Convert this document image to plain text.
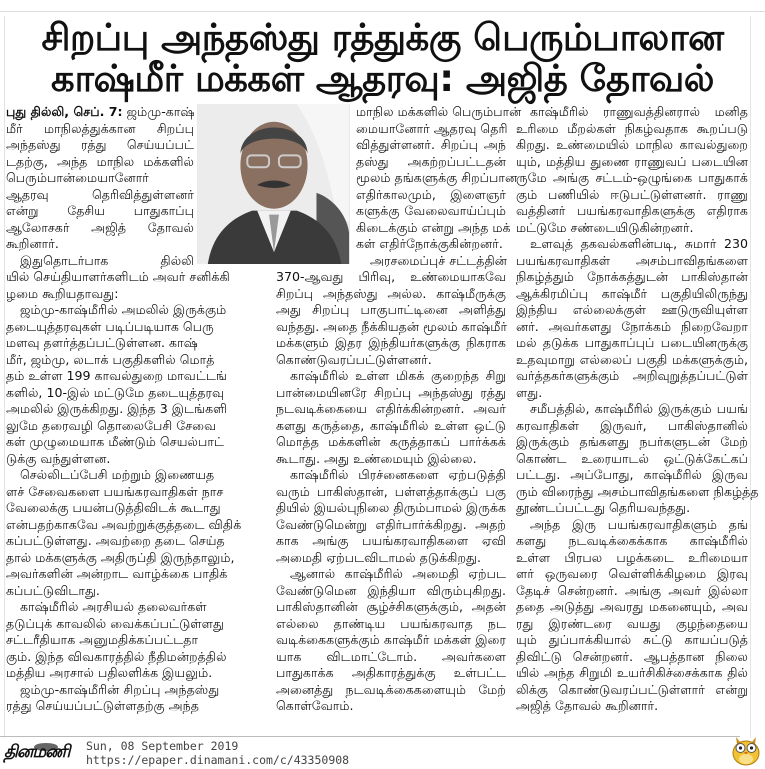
சிறப்பு அந்தஸ்து ரத்துக்கு பெரும்பாலான
காஷ்மீர் மக்கள் ஆதரவு: அஜித் தோவல்
புது தில்லி, செப். 7: ஜம்மு-காஷ்
மீர் மாநிலத்துக்கான சிறப்பு
அந்தஸ்து ரத்து செய்யப்பட்
டதற்கு, அந்த மாநில மக்களில்
பெரும்பான்மையானோர்
ஆதரவு தெரிவித்துள்ளனர்
என்று தேசிய பாதுகாப்பு
ஆலோசகர் அஜித் தோவல்
கூறினார்.
இதுதொடர்பாக தில்லி
யில் செய்தியாளர்களிடம் அவர் சனிக்கி
ழமை கூறியதாவது:
ஜம்மு-காஷ்மீரில் அமலில் இருக்கும்
தடையுத்தரவுகள் படிப்படியாக பெரு
மளவு தளர்த்தப்பட்டுள்ளன. காஷ்
மீர், ஜம்மு, லடாக் பகுதிகளில் மொத்
தம் உள்ள 199 காவல்துறை மாவட்டங்
களில், 10-இல் மட்டுமே தடையுத்தரவு
அமலில் இருக்கிறது. இந்த 3 இடங்களி
லுமே தரைவழி தொலைபேசி சேவை
கள் முழுமையாக மீண்டும் செயல்பாட்
டுக்கு வந்துள்ளன.
செல்லிடப்பேசி மற்றும் இணையத
ளச் சேவைகளை பயங்கரவாதிகள் நாச
வேலைக்கு பயன்படுத்திவிடக் கூடாது
என்பதற்காகவே அவற்றுக்குத்தடை விதிக்
கப்பட்டுள்ளது. அவற்றை தடை செய்த
தால் மக்களுக்கு அதிருப்தி இருந்தாலும்,
அவர்களின் அன்றாட வாழ்க்கை பாதிக்
கப்பட்டுவிடாது.
காஷ்மீரில் அரசியல் தலைவர்கள்
தடுப்புக் காவலில் வைக்கப்பட்டுள்ளது
சட்டரீதியாக அனுமதிக்கப்பட்டதா
கும். இந்த விவகாரத்தில் நீதிமன்றத்தில்
மத்திய அரசால் பதிலளிக்க இயலும்.
ஜம்மு-காஷ்மீரின் சிறப்பு அந்தஸ்து
ரத்து செய்யப்பட்டுள்ளதற்கு அந்த
மாநில மக்களில் பெரும்பான்
மையானோர் ஆதரவு தெரி
வித்துள்ளனர். சிறப்பு அந்
தஸ்து அகற்றப்பட்டதன்
மூலம் தங்களுக்கு சிறப்பான
எதிர்காலமும், இளைஞர்
களுக்கு வேலைவாய்ப்பும்
கிடைக்கும் என்று அந்த மக்
கள் எதிர்நோக்குகின்றனர்.
அரசமைப்புச் சட்டத்தின்
370-ஆவது பிரிவு, உண்மையாகவே
சிறப்பு அந்தஸ்து அல்ல. காஷ்மீருக்கு
அது சிறப்பு பாகுபாட்டினை அளித்து
வந்தது. அதை நீக்கியதன் மூலம் காஷ்மீர்
மக்களும் இதர இந்தியர்களுக்கு நிகராக
கொண்டுவரப்பட்டுள்ளனர்.
காஷ்மீரில் உள்ள மிகக் குறைந்த சிறு
பான்மையினரே சிறப்பு அந்தஸ்து ரத்து
நடவடிக்கையை எதிர்க்கின்றனர். அவர்
களது கருத்தை, காஷ்மீரில் உள்ள ஒட்டு
மொத்த மக்களின் கருத்தாகப் பார்க்கக்
கூடாது. அது உண்மையும் இல்லை.
காஷ்மீரில் பிரச்னைகளை ஏற்படுத்தி
வரும் பாகிஸ்தான், பள்ளத்தாக்குப் பகு
தியில் இயல்புநிலை திரும்பாமல் இருக்க
வேண்டுமென்று எதிர்பார்க்கிறது. அதற்
காக அங்கு பயங்கரவாதிகளை ஏவி
அமைதி ஏற்படவிடாமல் தடுக்கிறது.
ஆனால் காஷ்மீரில் அமைதி ஏற்பட
வேண்டுமென இந்தியா விரும்புகிறது.
பாகிஸ்தானின் சூழ்ச்சிகளுக்கும், அதன்
எல்லை தாண்டிய பயங்கரவாத நட
வடிக்கைகளுக்கும் காஷ்மீர் மக்கள் இரை
யாக விடமாட்டோம். அவர்களை
பாதுகாக்க அதிகாரத்துக்கு உள்பட்ட
அனைத்து நடவடிக்கைகளையும் மேற்
கொள்வோம்.
காஷ்மீரில் ராணுவத்தினரால் மனித
உரிமை மீறல்கள் நிகழ்வதாக கூறப்படு
கிறது. உண்மையில் மாநில காவல்துறை
யும், மத்திய துணை ராணுவப் படையின
ருமே அங்கு சட்டம்-ஒழுங்கை பாதுகாக்
கும் பணியில் ஈடுபட்டுள்ளனர். ராணு
வத்தினர் பயங்கரவாதிகளுக்கு எதிராக
மட்டுமே சண்டையிடுகின்றனர்.
உளவுத் தகவல்களின்படி, சுமார் 230
பயங்கரவாதிகள் அசம்பாவிதங்களை
நிகழ்த்தும் நோக்கத்துடன் பாகிஸ்தான்
ஆக்கிரமிப்பு காஷ்மீர் பகுதியிலிருந்து
இந்திய எல்லைக்குள் ஊடுருவியுள்ள
னர். அவர்களது நோக்கம் நிறைவேறா
மல் தடுக்க பாதுகாப்புப் படையினருக்கு
உதவுமாறு எல்லைப் பகுதி மக்களுக்கும்,
வர்த்தகர்களுக்கும் அறிவுறுத்தப்பட்டுள்
ளது.
சமீபத்தில், காஷ்மீரில் இருக்கும் பயங்
கரவாதிகள் இருவர், பாகிஸ்தானில்
இருக்கும் தங்களது நபர்களுடன் மேற்
கொண்ட உரையாடல் ஒட்டுக்கேட்கப்
பட்டது. அப்போது, காஷ்மீரில் இருவ
ரும் விரைந்து அசம்பாவிதங்களை நிகழ்த்த
தூண்டப்பட்டது தெரியவந்தது.
அந்த இரு பயங்கரவாதிகளும் தங்
களது நடவடிக்கைக்காக காஷ்மீரில்
உள்ள பிரபல பழக்கடை உரிமையா
ளர் ஒருவரை வெள்ளிக்கிழமை இரவு
தேடிச் சென்றனர். அங்கு அவர் இல்லா
ததை அடுத்து அவரது மகனையும், அவ
ரது இரண்டரை வயது குழந்தையை
யும் துப்பாக்கியால் சுட்டு காயப்படுத்
திவிட்டு சென்றனர். ஆபத்தான நிலை
யில் அந்த சிறுமி உயர்சிகிச்சைக்காக தில்
லிக்கு கொண்டுவரப்பட்டுள்ளார் என்று
அஜித் தோவல் கூறினார்.
தினமணி Sun, 08 September 2019
https://epaper.dinamani.com/c/43350908
